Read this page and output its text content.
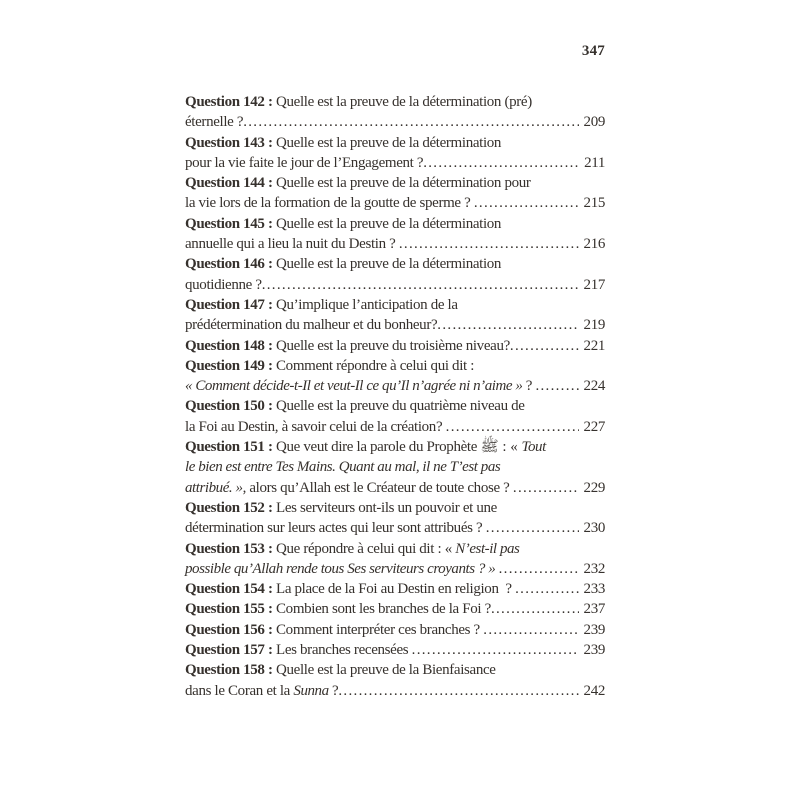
347
Question 142 : Quelle est la preuve de la détermination (pré)
éternelle ? .....	209
Question 143 : Quelle est la preuve de la détermination
pour la vie faite le jour de l’Engagement ? .....	211
Question 144 : Quelle est la preuve de la détermination pour
la vie lors de la formation de la goutte de sperme ? .....	215
Question 145 : Quelle est la preuve de la détermination
annuelle qui a lieu la nuit du Destin ? .....	216
Question 146 : Quelle est la preuve de la détermination
quotidienne ? .....	217
Question 147 : Qu’implique l’anticipation de la
prédétermination du malheur et du bonheur? .....	219
Question 148 : Quelle est la preuve du troisième niveau? .....	221
Question 149 : Comment répondre à celui qui dit :
« Comment décide-t-Il et veut-Il ce qu’Il n’agrée ni n’aime » ? .....	224
Question 150 : Quelle est la preuve du quatrième niveau de
la Foi au Destin, à savoir celui de la création? .....	227
Question 151 : Que veut dire la parole du Prophète ﷺ : « Tout
le bien est entre Tes Mains. Quant au mal, il ne T’est pas
attribué. » , alors qu’Allah est le Créateur de toute chose ? .....	229
Question 152 : Les serviteurs ont-ils un pouvoir et une
détermination sur leurs actes qui leur sont attribués ? .....	230
Question 153 : Que répondre à celui qui dit : « N’est-il pas
possible qu’Allah rende tous Ses serviteurs croyants ? » .....	232
Question 154 : La place de la Foi au Destin en religion  ? .....	233
Question 155 : Combien sont les branches de la Foi ? .....	237
Question 156 : Comment interpréter ces branches ? .....	239
Question 157 : Les branches recensées .....	239
Question 158 : Quelle est la preuve de la Bienfaisance
dans le Coran et la Sunna ? .....	242
